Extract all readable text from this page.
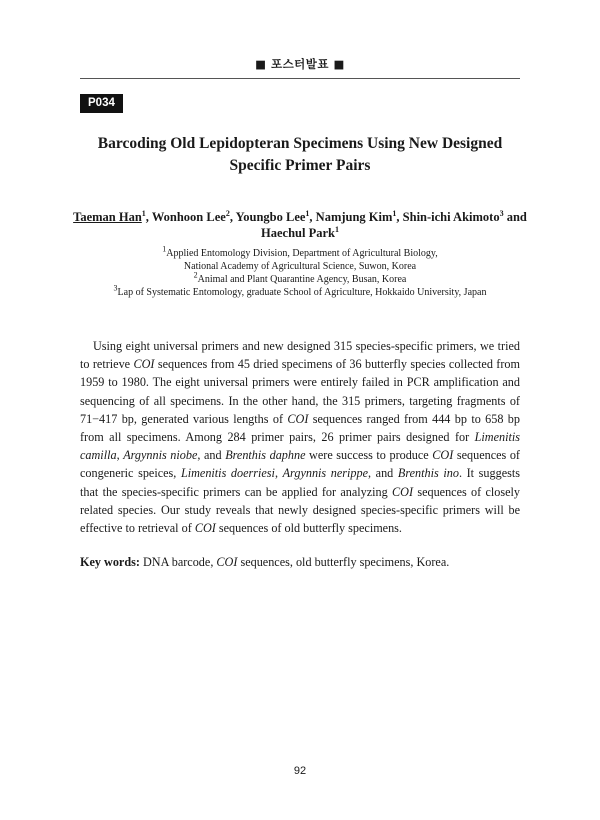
■ 포스터발표 ■
P034
Barcoding Old Lepidopteran Specimens Using New Designed
Specific Primer Pairs
Taeman Han$^1$, Wonhoon Lee$^2$, Youngbo Lee$^1$, Namjung Kim$^1$, Shin-ichi Akimoto$^3$ and Haechul Park$^1$
$^1$Applied Entomology Division, Department of Agricultural Biology,
National Academy of Agricultural Science, Suwon, Korea
$^2$Animal and Plant Quarantine Agency, Busan, Korea
$^3$Lap of Systematic Entomology, graduate School of Agriculture, Hokkaido University, Japan

Using eight universal primers and new designed 315 species-specific primers, we tried to retrieve COI sequences from 45 dried specimens of 36 butterfly species collected from 1959 to 1980. The eight universal primers were entirely failed in PCR amplification and sequencing of all specimens. In the other hand, the 315 primers, targeting fragments of 71−417 bp, generated various lengths of COI sequences ranged from 444 bp to 658 bp from all specimens. Among 284 primer pairs, 26 primer pairs designed for Limenitis camilla, Argynnis niobe, and Brenthis daphne were success to produce COI sequences of congeneric speices, Limenitis doerriesi, Argynnis nerippe, and Brenthis ino. It suggests that the species-specific primers can be applied for analyzing COI sequences of closely related species. Our study reveals that newly designed species-specific primers will be effective to retrieval of COI sequences of old butterfly specimens.

Key words: DNA barcode, COI sequences, old butterfly specimens, Korea.

92
